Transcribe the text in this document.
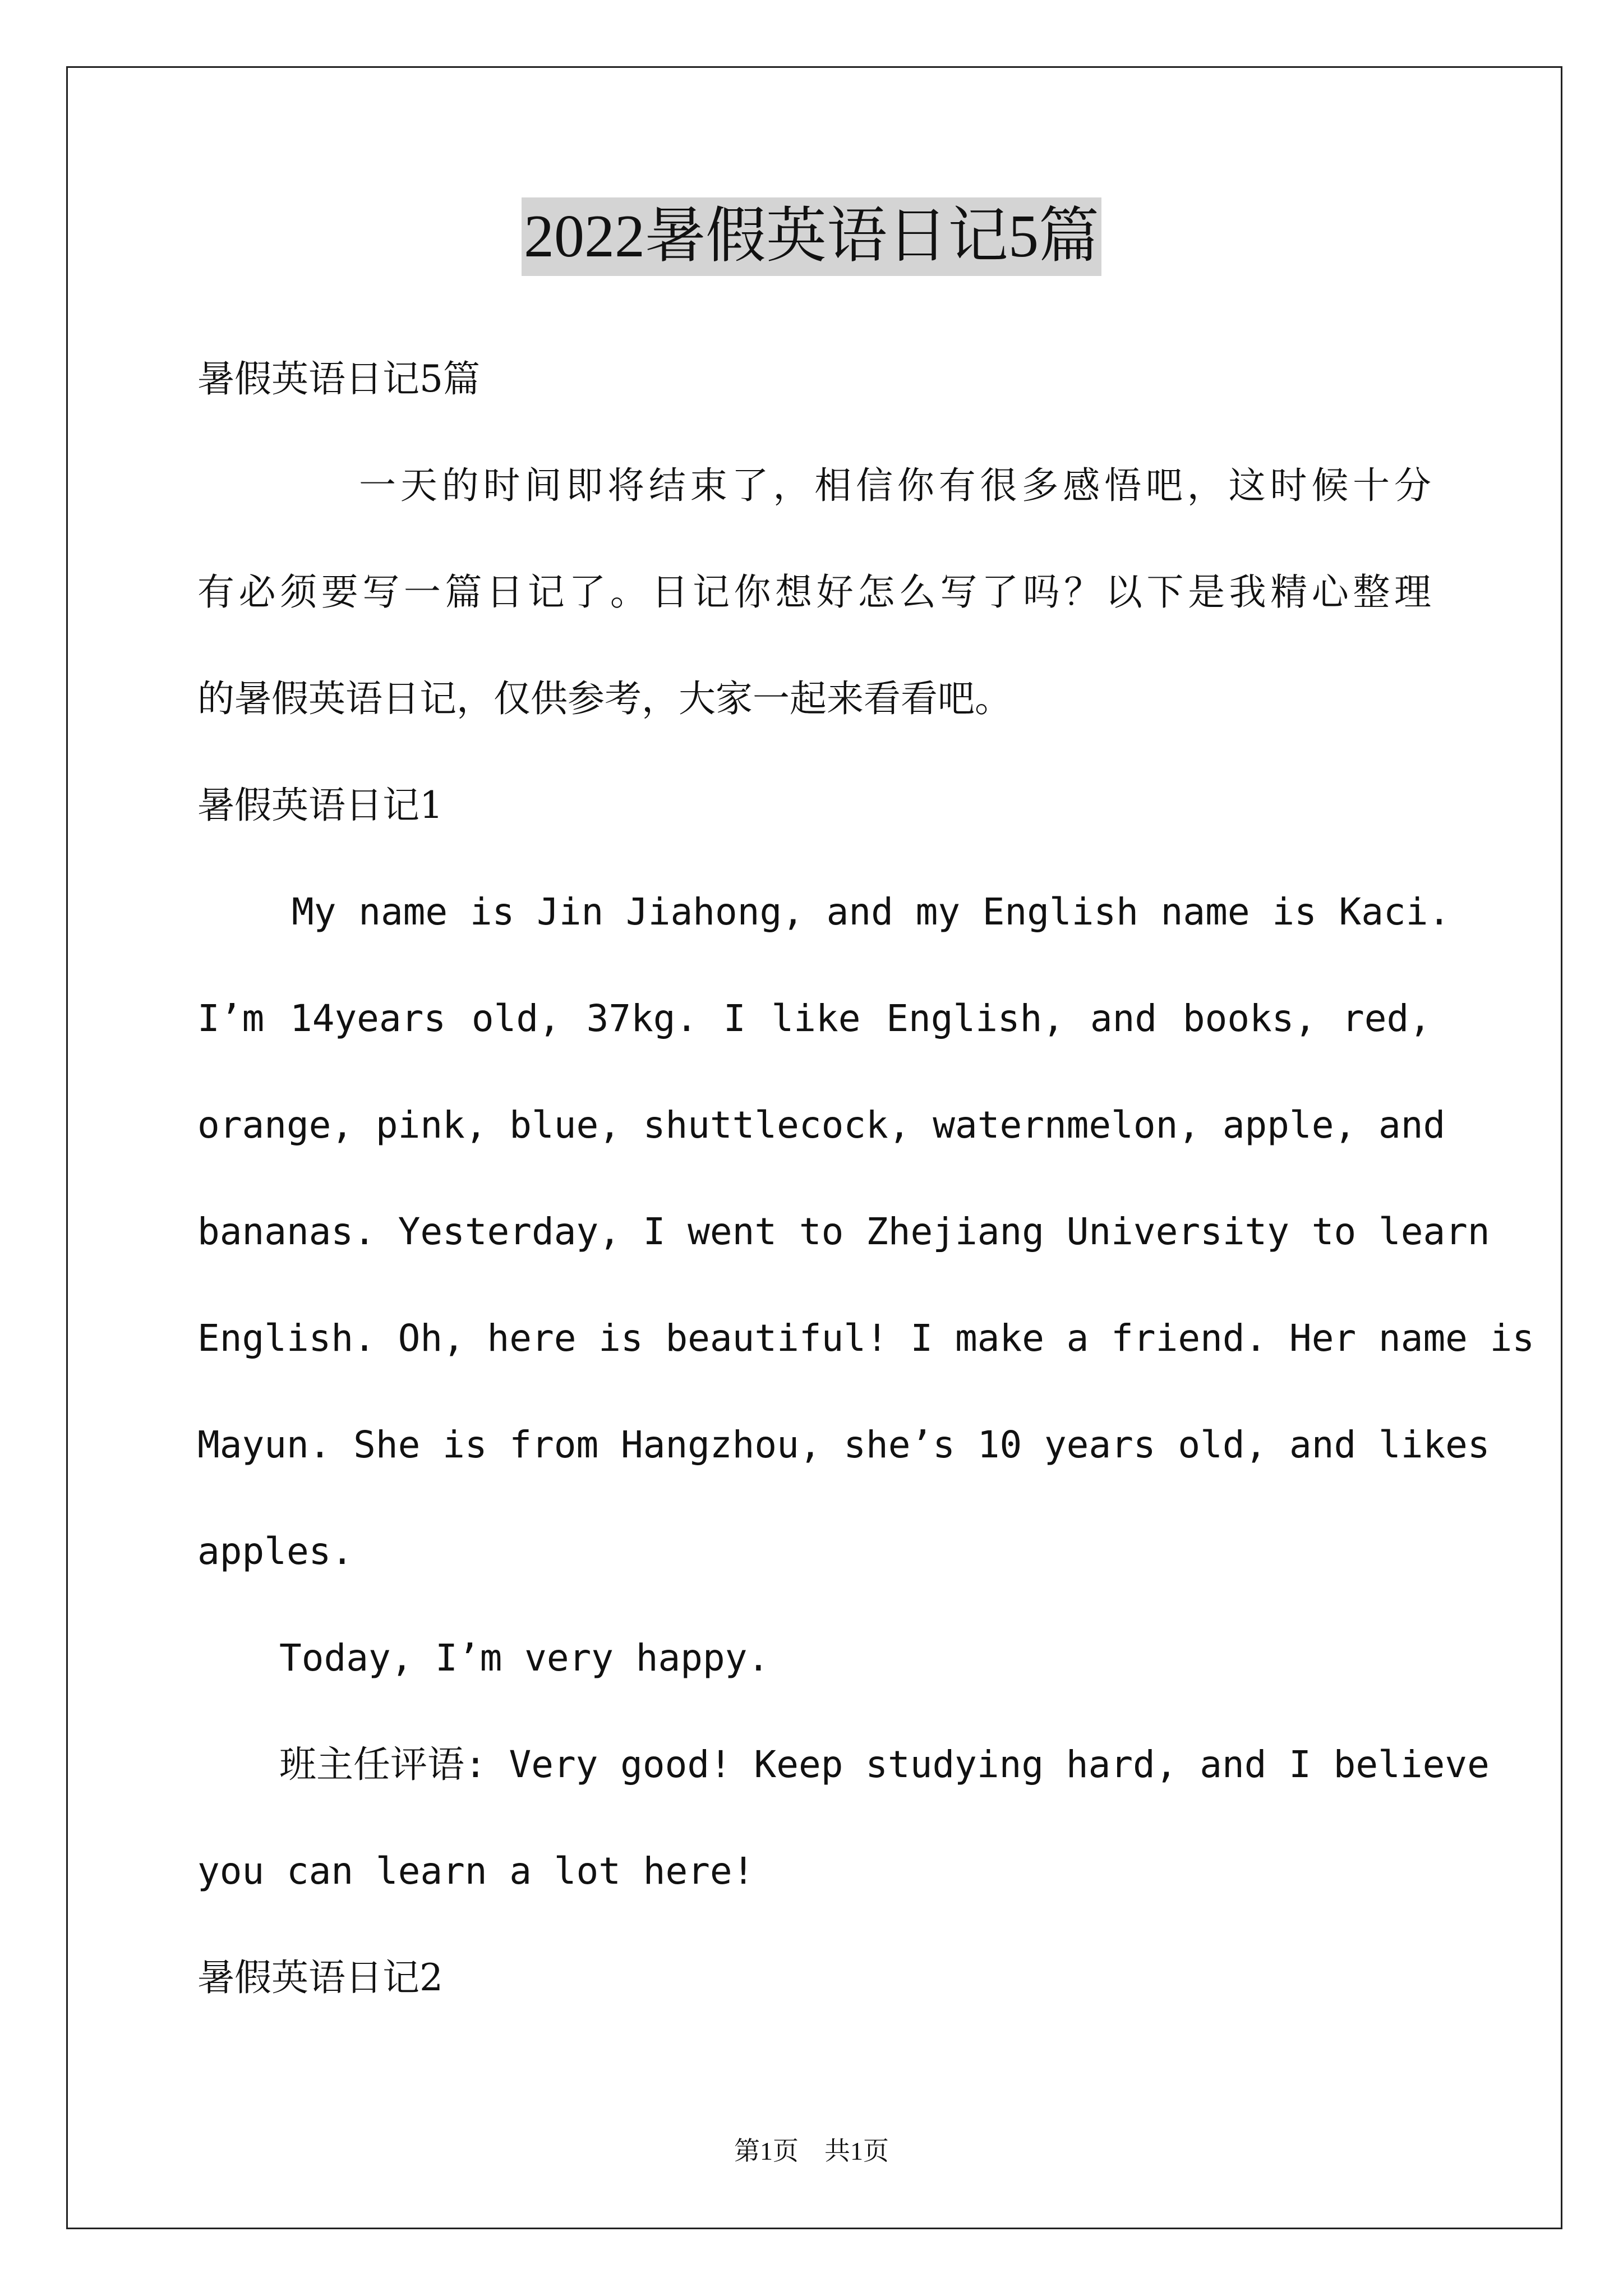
2022暑假英语日记5篇
暑假英语日记5篇
一天的时间即将结束了，相信你有很多感悟吧，这时候十分
有必须要写一篇日记了。日记你想好怎么写了吗？以下是我精心整理
的暑假英语日记，仅供参考，大家一起来看看吧。
暑假英语日记1
My name is Jin Jiahong, and my English name is Kaci.
I’m 14years old, 37kg. I like English, and books, red,
orange, pink, blue, shuttlecock, waternmelon, apple, and
bananas. Yesterday, I went to Zhejiang University to learn
English. Oh, here is beautiful! I make a friend. Her name is
Mayun. She is from Hangzhou, she’s 10 years old, and likes
apples.
Today, I’m very happy.
班主任评语: Very good! Keep studying hard, and I believe
you can learn a lot here!
暑假英语日记2
第1页　共1页
